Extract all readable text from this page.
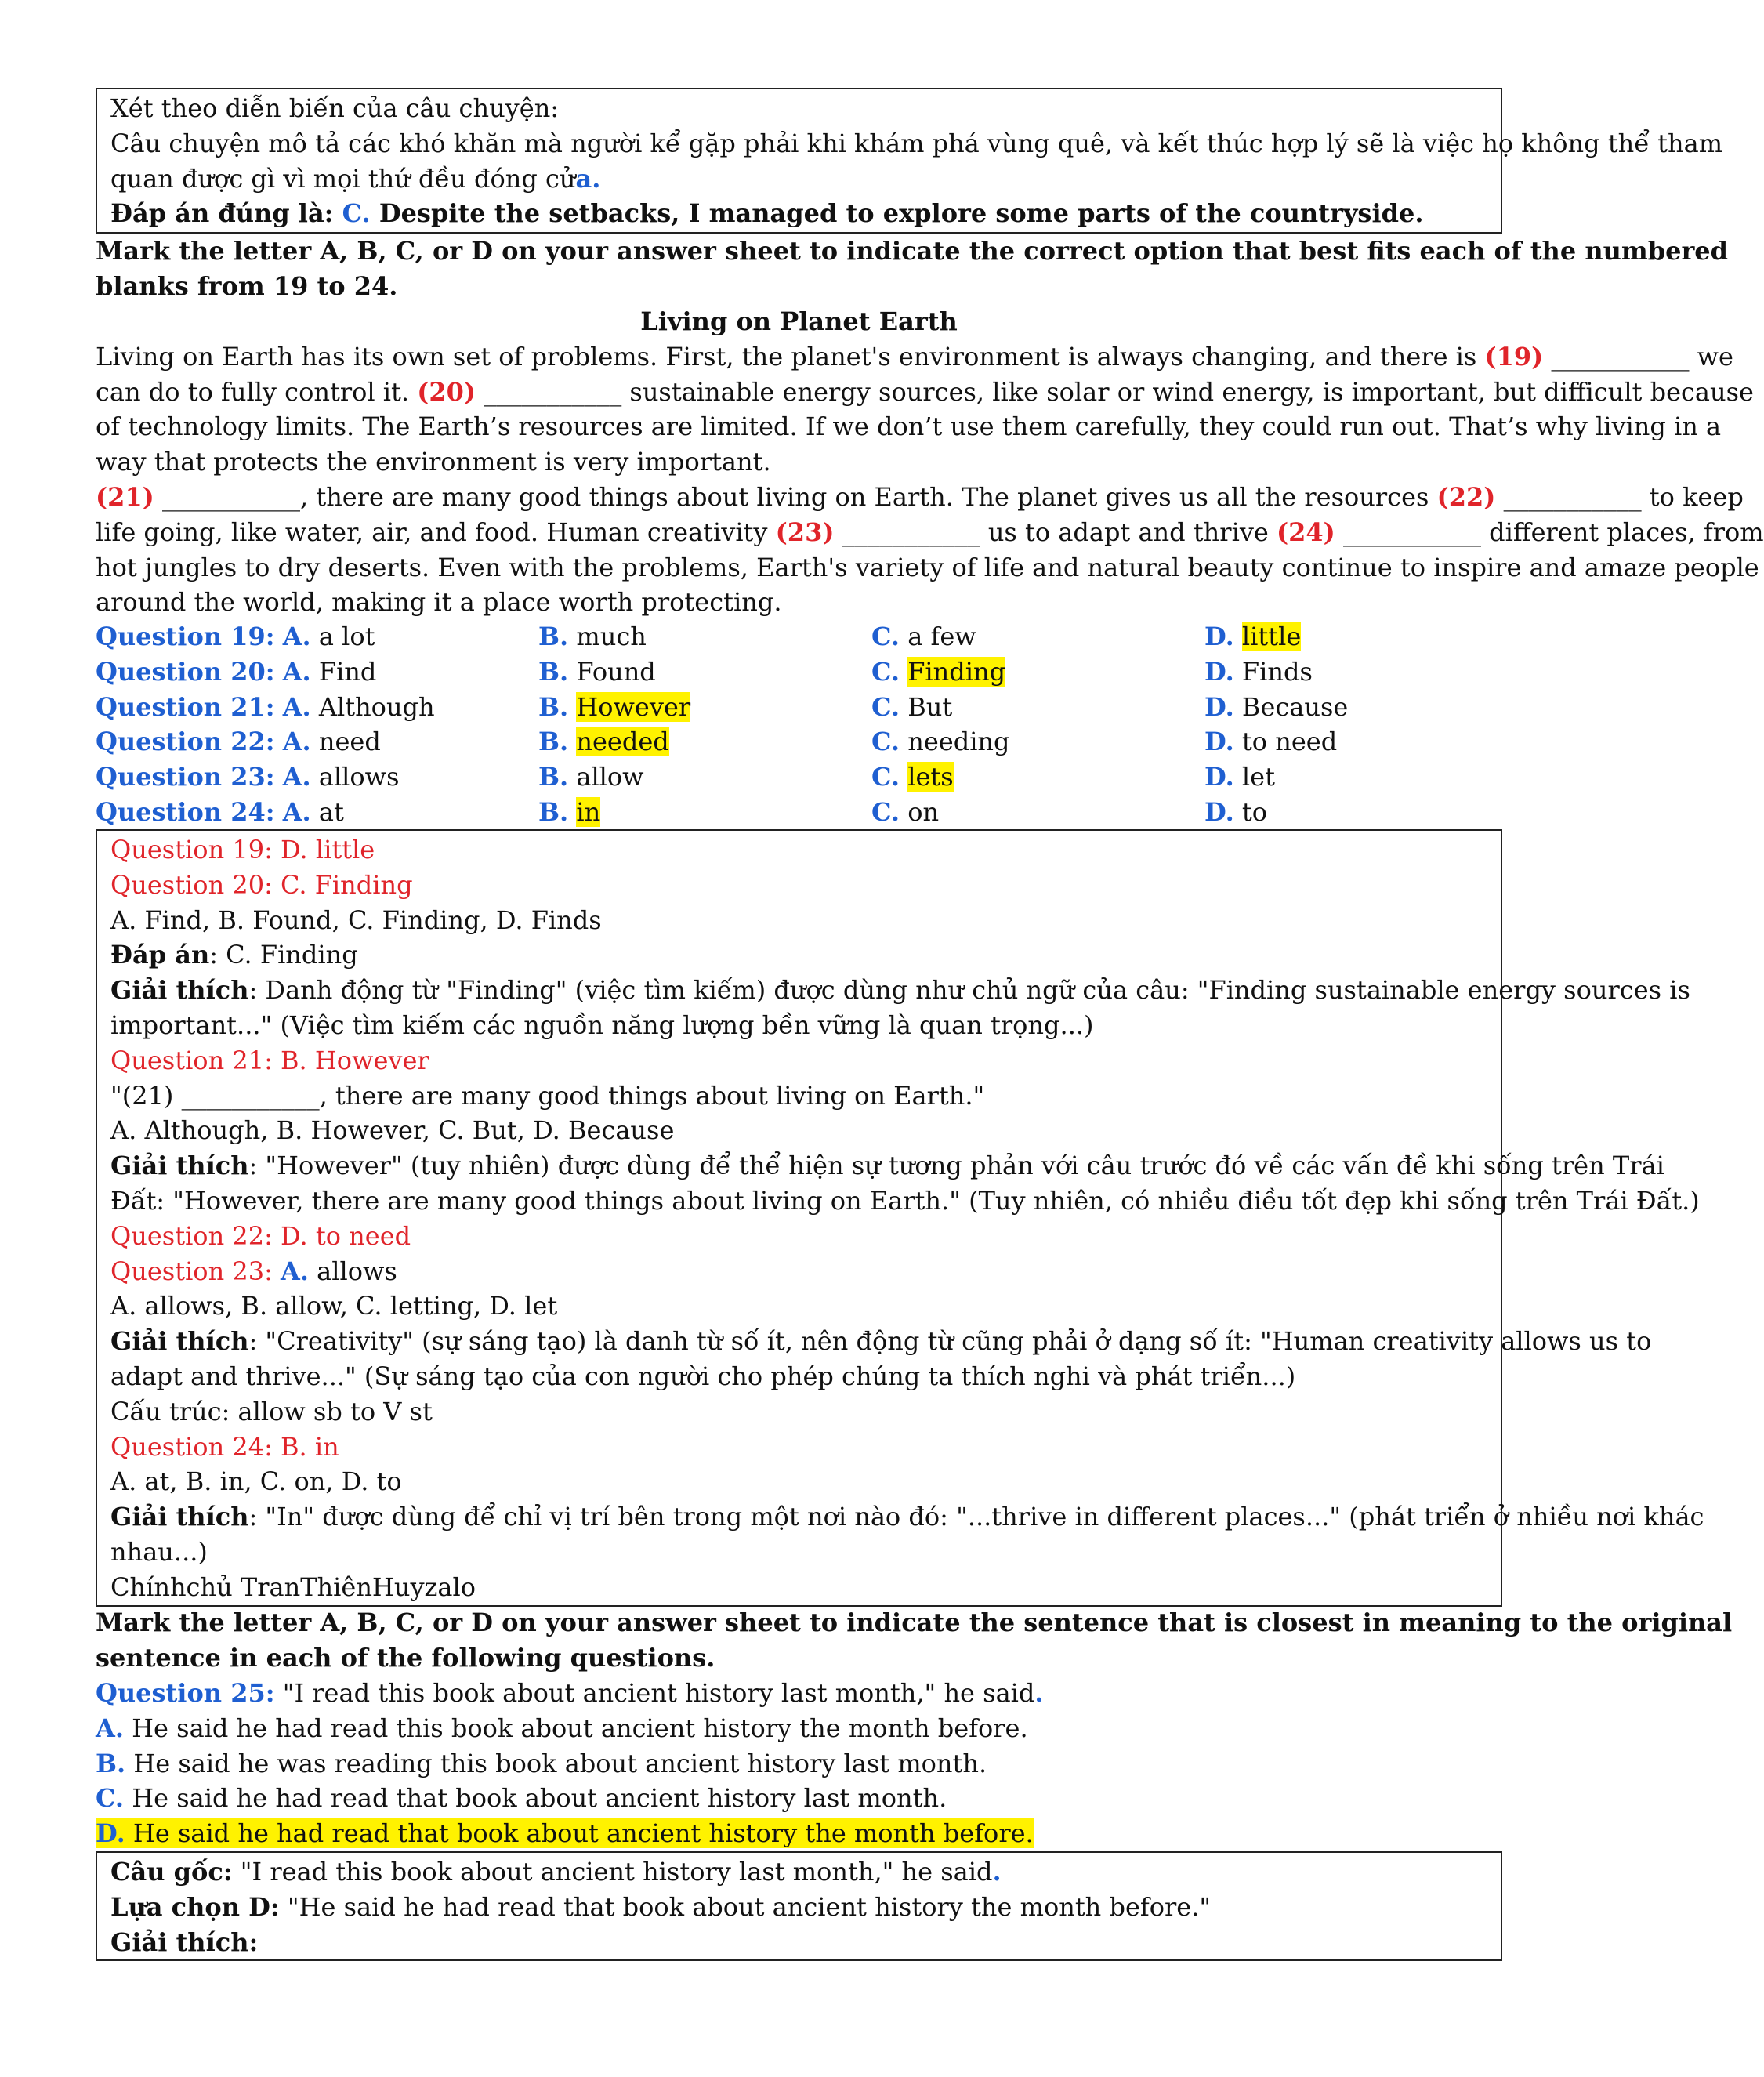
Xét theo diễn biến của câu chuyện:
Câu chuyện mô tả các khó khăn mà người kể gặp phải khi khám phá vùng quê, và kết thúc hợp lý sẽ là việc họ không thể tham
quan được gì vì mọi thứ đều đóng cửa.
Đáp án đúng là: C. Despite the setbacks, I managed to explore some parts of the countryside.
Mark the letter A, B, C, or D on your answer sheet to indicate the correct option that best fits each of the numbered
blanks from 19 to 24.
Living on Planet Earth
Living on Earth has its own set of problems. First, the planet's environment is always changing, and there is (19) ___________ we
can do to fully control it. (20) ___________ sustainable energy sources, like solar or wind energy, is important, but difficult because
of technology limits. The Earth’s resources are limited. If we don’t use them carefully, they could run out. That’s why living in a
way that protects the environment is very important.
(21) ___________, there are many good things about living on Earth. The planet gives us all the resources (22) ___________ to keep
life going, like water, air, and food. Human creativity (23) ___________ us to adapt and thrive (24) ___________ different places, from
hot jungles to dry deserts. Even with the problems, Earth's variety of life and natural beauty continue to inspire and amaze people
around the world, making it a place worth protecting.
Question 19: A. a lot	B. much	C. a few	D. little
Question 20: A. Find	B. Found	C. Finding	D. Finds
Question 21: A. Although	B. However	C. But	D. Because
Question 22: A. need	B. needed	C. needing	D. to need
Question 23: A. allows	B. allow	C. lets	D. let
Question 24: A. at	B. in	C. on	D. to
Question 19: D. little
Question 20: C. Finding
A. Find, B. Found, C. Finding, D. Finds
Đáp án: C. Finding
Giải thích: Danh động từ "Finding" (việc tìm kiếm) được dùng như chủ ngữ của câu: "Finding sustainable energy sources is
important..." (Việc tìm kiếm các nguồn năng lượng bền vững là quan trọng...)
Question 21: B. However
"(21) ___________, there are many good things about living on Earth."
A. Although, B. However, C. But, D. Because
Giải thích: "However" (tuy nhiên) được dùng để thể hiện sự tương phản với câu trước đó về các vấn đề khi sống trên Trái
Đất: "However, there are many good things about living on Earth." (Tuy nhiên, có nhiều điều tốt đẹp khi sống trên Trái Đất.)
Question 22: D. to need
Question 23: A. allows
A. allows, B. allow, C. letting, D. let
Giải thích: "Creativity" (sự sáng tạo) là danh từ số ít, nên động từ cũng phải ở dạng số ít: "Human creativity allows us to
adapt and thrive..." (Sự sáng tạo của con người cho phép chúng ta thích nghi và phát triển...)
Cấu trúc: allow sb to V st
Question 24: B. in
A. at, B. in, C. on, D. to
Giải thích: "In" được dùng để chỉ vị trí bên trong một nơi nào đó: "...thrive in different places..." (phát triển ở nhiều nơi khác
nhau...)
Chínhchủ TranThiênHuyzalo
Mark the letter A, B, C, or D on your answer sheet to indicate the sentence that is closest in meaning to the original
sentence in each of the following questions.
Question 25: "I read this book about ancient history last month," he said.
A. He said he had read this book about ancient history the month before.
B. He said he was reading this book about ancient history last month.
C. He said he had read that book about ancient history last month.
D. He said he had read that book about ancient history the month before.
Câu gốc: "I read this book about ancient history last month," he said.
Lựa chọn D: "He said he had read that book about ancient history the month before."
Giải thích:
